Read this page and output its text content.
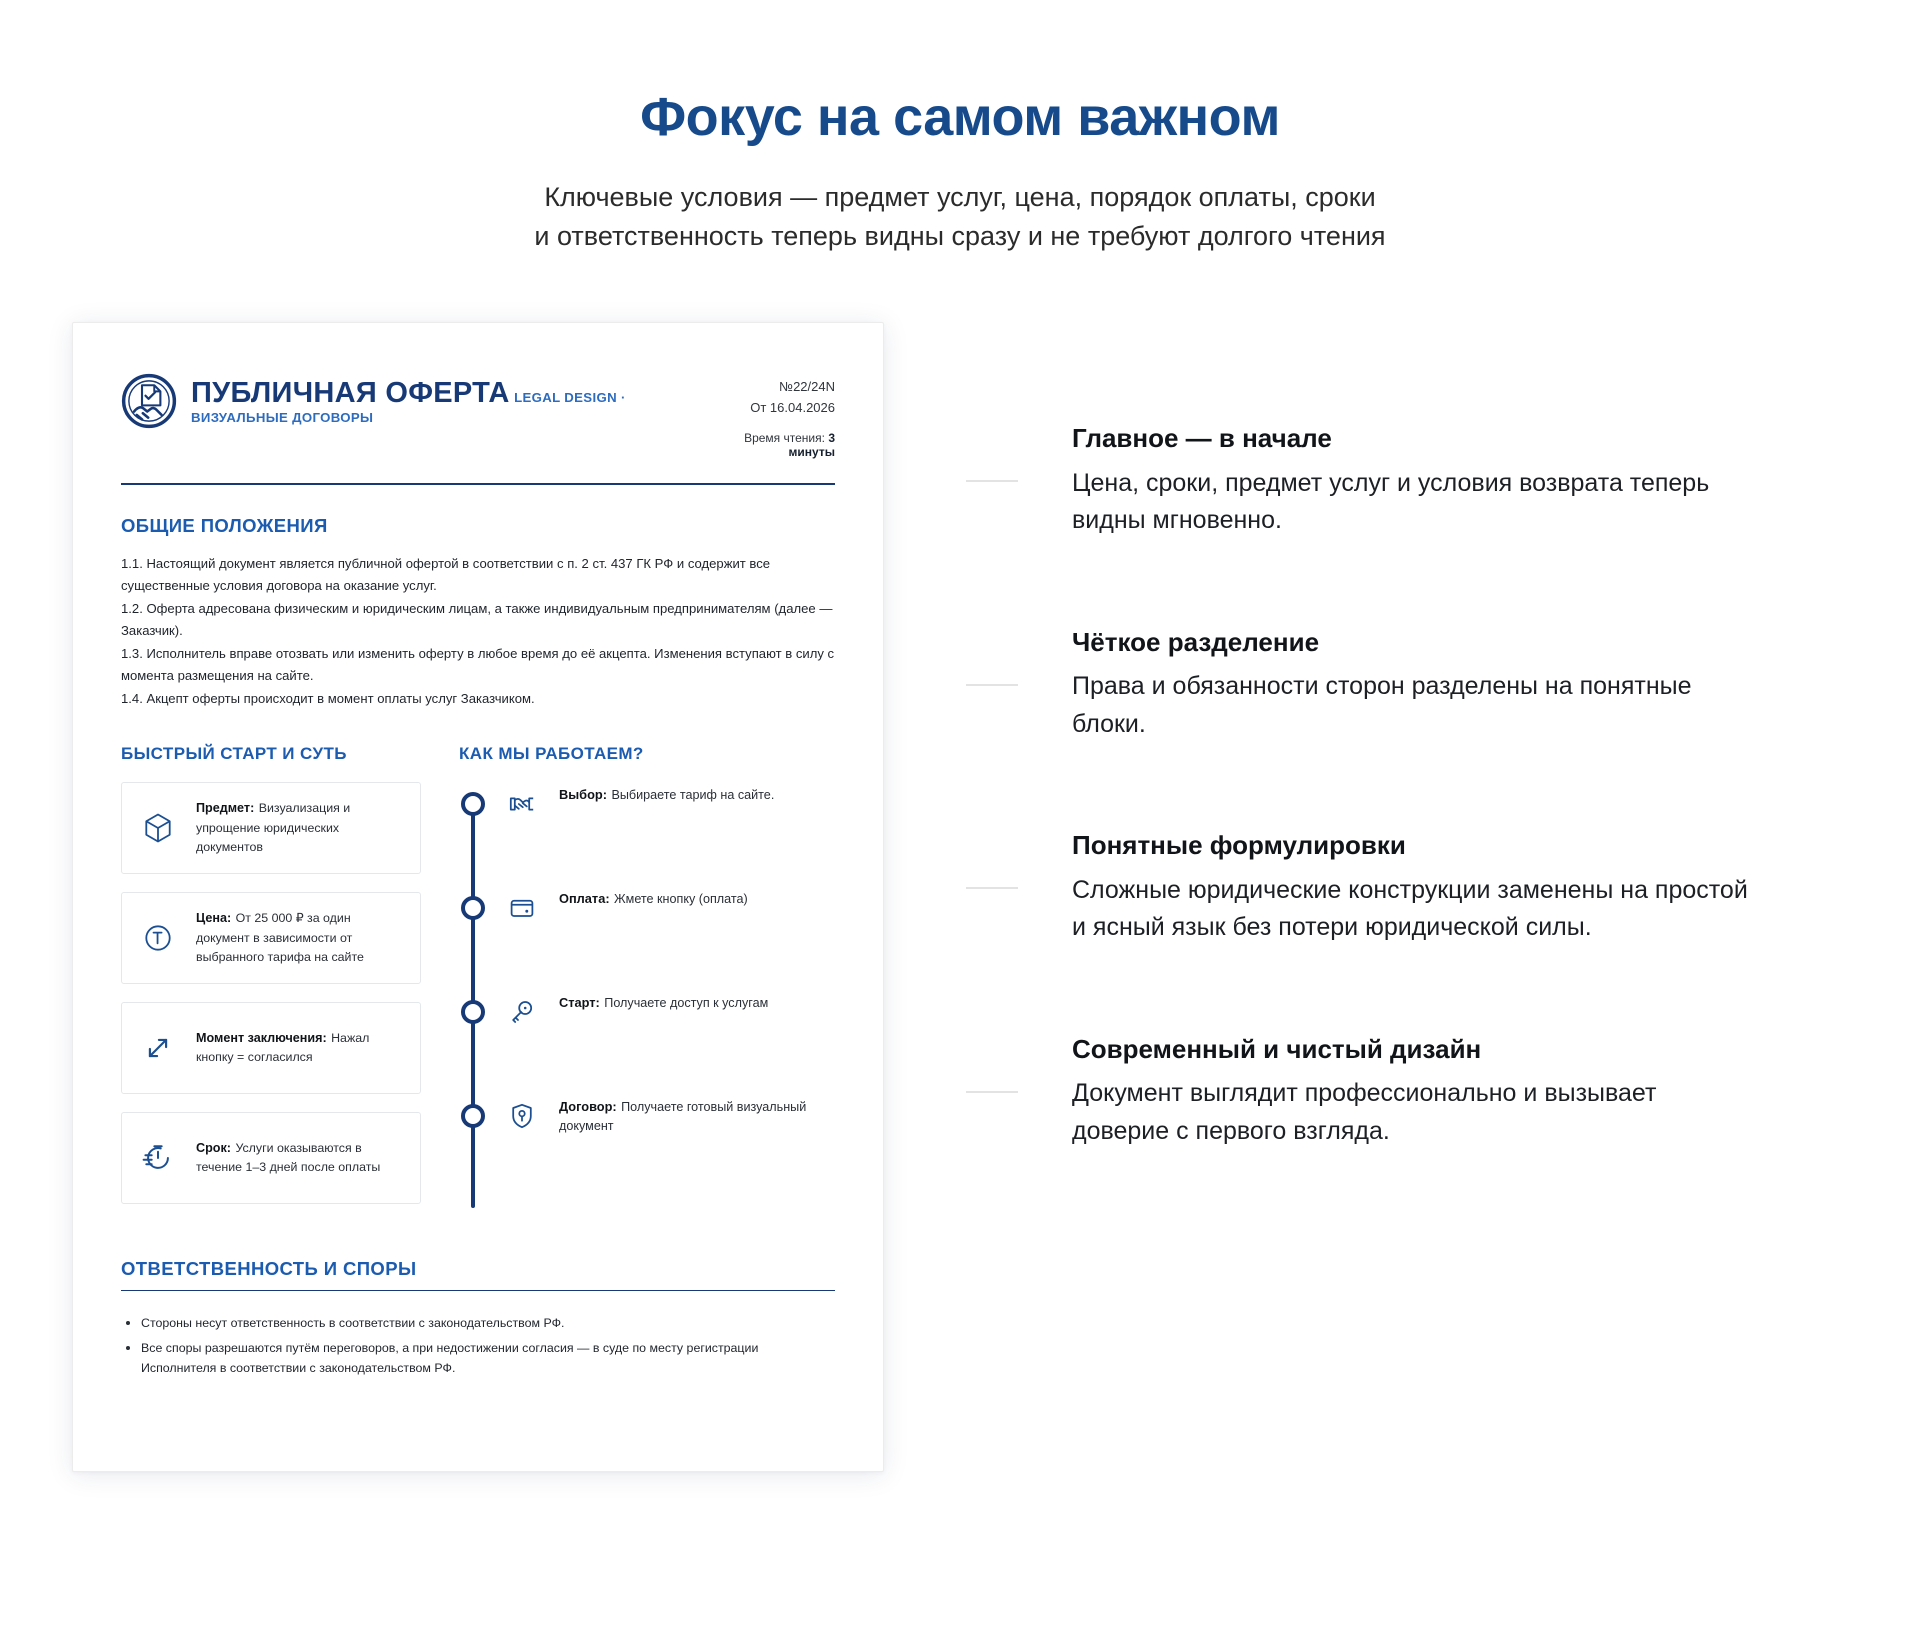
Фокус на самом важном
Ключевые условия — предмет услуг, цена, порядок оплаты, сроки
и ответственность теперь видны сразу и не требуют долгого чтения
ПУБЛИЧНАЯ ОФЕРТА LEGAL DESIGN · ВИЗУАЛЬНЫЕ ДОГОВОРЫ
№22/24N
От 16.04.2026
Время чтения: 3 минуты
ОБЩИЕ ПОЛОЖЕНИЯ

1.1. Настоящий документ является публичной офертой в соответствии с п. 2 ст. 437 ГК РФ и содержит все существенные условия договора на оказание услуг.

1.2. Оферта адресована физическим и юридическим лицам, а также индивидуальным предпринимателям (далее — Заказчик).

1.3. Исполнитель вправе отозвать или изменить оферту в любое время до её акцепта. Изменения вступают в силу с момента размещения на сайте.

1.4. Акцепт оферты происходит в момент оплаты услуг Заказчиком.

БЫСТРЫЙ СТАРТ И СУТЬ
Предмет: Визуализация и упрощение юридических документов
Цена: От 25 000 ₽ за один документ в зависимости от выбранного тарифа на сайте
Момент заключения: Нажал кнопку = согласился
Срок: Услуги оказываются в течение 1–3 дней после оплаты
КАК МЫ РАБОТАЕМ?
Выбор: Выбираете тариф на сайте.
Оплата: Жмете кнопку (оплата)
Старт: Получаете доступ к услугам
Договор: Получаете готовый визуальный документ
ОТВЕТСТВЕННОСТЬ И СПОРЫ

Стороны несут ответственность в соответствии с законодательством РФ.

Все споры разрешаются путём переговоров, а при недостижении согласия — в суде по месту регистрации Исполнителя в соответствии с законодательством РФ.

Главное — в начале
Цена, сроки, предмет услуг и условия возврата теперь видны мгновенно.
Чёткое разделение
Права и обязанности сторон разделены на понятные блоки.
Понятные формулировки
Сложные юридические конструкции заменены на простой и ясный язык без потери юридической силы.
Современный и чистый дизайн
Документ выглядит профессионально и вызывает доверие с первого взгляда.
